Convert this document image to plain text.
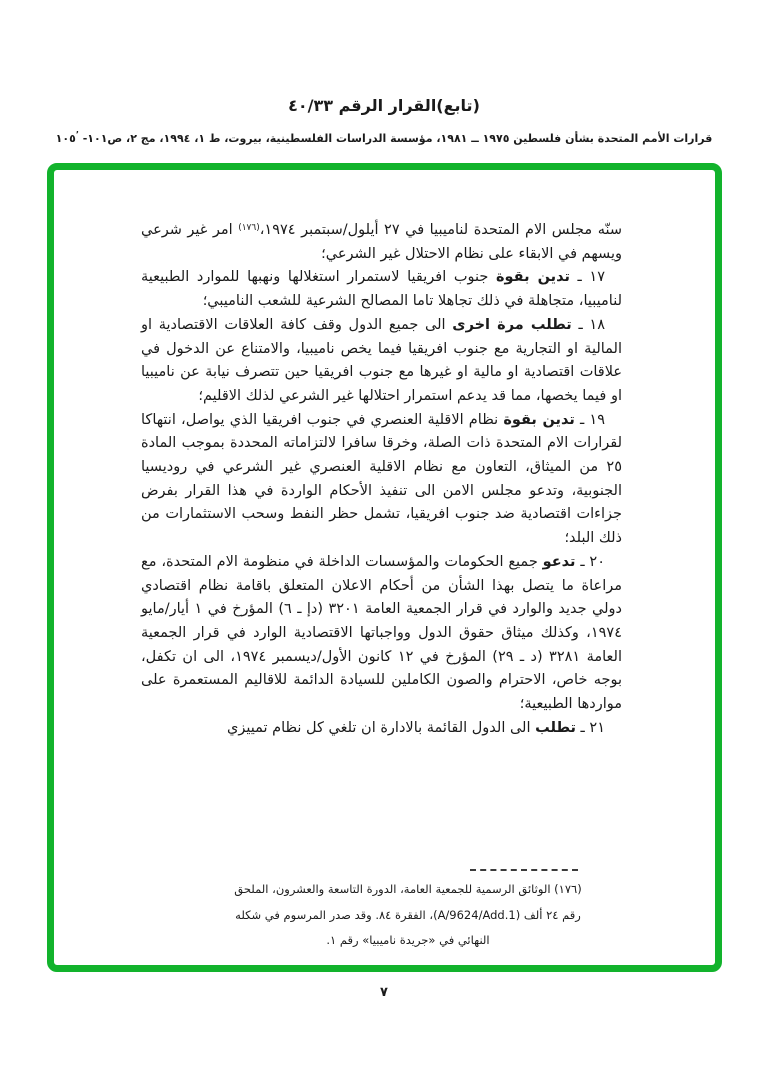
(تابع)القرار الرقم ٤٠/٣٣
قرارات الأمم المتحدة بشأن فلسطين ١٩٧٥ ــ ١٩٨١، مؤسسة الدراسات الفلسطينية، بيروت، ط ١، ١٩٩٤، مج ٢، ص١٠١- ١٠٥٬

سنّه مجلس الام المتحدة لناميبيا في ٢٧ أيلول/سبتمبر ١٩٧٤،$^{(١٧٦)}$ امر غير شرعي ويسهم في الابقاء على نظام الاحتلال غير الشرعي؛

١٧ ـ تدين بقوة جنوب افريقيا لاستمرار استغلالها ونهبها للموارد الطبيعية لناميبيا، متجاهلة في ذلك تجاهلا تاما المصالح الشرعية للشعب الناميبي؛

١٨ ـ تطلب مرة اخرى الى جميع الدول وقف كافة العلاقات الاقتصادية او المالية او التجارية مع جنوب افريقيا فيما يخص ناميبيا، والامتناع عن الدخول في علاقات اقتصادية او مالية او غيرها مع جنوب افريقيا حين تتصرف نيابة عن ناميبيا او فيما يخصها، مما قد يدعم استمرار احتلالها غير الشرعي لذلك الاقليم؛

١٩ ـ تدين بقوة نظام الاقلية العنصري في جنوب افريقيا الذي يواصل، انتهاكا لقرارات الام المتحدة ذات الصلة، وخرقا سافرا لالتزاماته المحددة بموجب المادة ٢٥ من الميثاق، التعاون مع نظام الاقلية العنصري غير الشرعي في روديسيا الجنوبية، وتدعو مجلس الامن الى تنفيذ الأحكام الواردة في هذا القرار بفرض جزاءات اقتصادية ضد جنوب افريقيا، تشمل حظر النفط وسحب الاستثمارات من ذلك البلد؛

٢٠ ـ تدعو جميع الحكومات والمؤسسات الداخلة في منظومة الام المتحدة، مع مراعاة ما يتصل بهذا الشأن من أحكام الاعلان المتعلق باقامة نظام اقتصادي دولي جديد والوارد في قرار الجمعية العامة ٣٢٠١ (دإ ـ ٦) المؤرخ في ١ أيار/مايو ١٩٧٤، وكذلك ميثاق حقوق الدول وواجباتها الاقتصادية الوارد في قرار الجمعية العامة ٣٢٨١ (د ـ ٢٩) المؤرخ في ١٢ كانون الأول/ديسمبر ١٩٧٤، الى ان تكفل، بوجه خاص، الاحترام والصون الكاملين للسيادة الدائمة للاقاليم المستعمرة على مواردها الطبيعية؛

٢١ ـ تطلب الى الدول القائمة بالادارة ان تلغي كل نظام تمييزي

(١٧٦) الوثائق الرسمية للجمعية العامة، الدورة التاسعة والعشرون، الملحق رقم ٢٤ ألف (A/9624/Add.1)، الفقرة ٨٤. وقد صدر المرسوم في شكله النهائي في «جريدة ناميبيا» رقم ١.
٧
